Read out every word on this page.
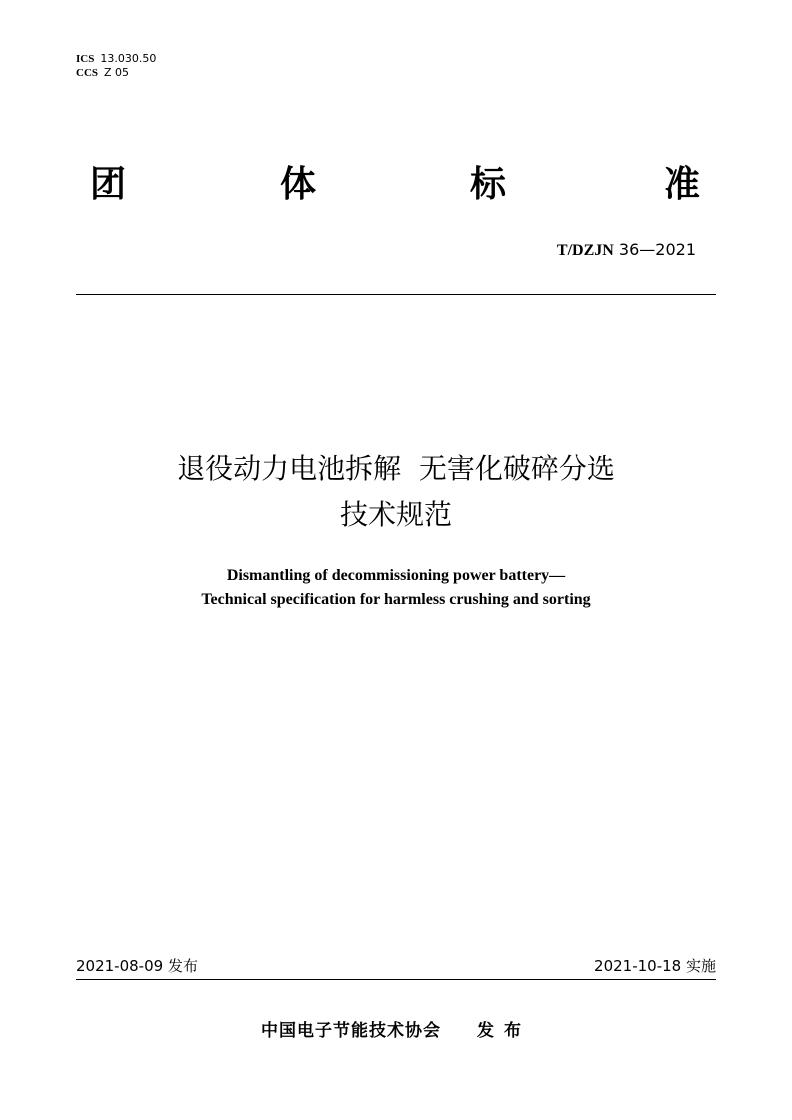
ICS 13.030.50
CCS Z 05
团	体	标	准
T/DZJN 36—2021
退役动力电池拆解  无害化破碎分选
技术规范
Dismantling of decommissioning power battery—
Technical specification for harmless crushing and sorting
2021-08-09 发布	2021-10-18 实施
中国电子节能技术协会 发布
